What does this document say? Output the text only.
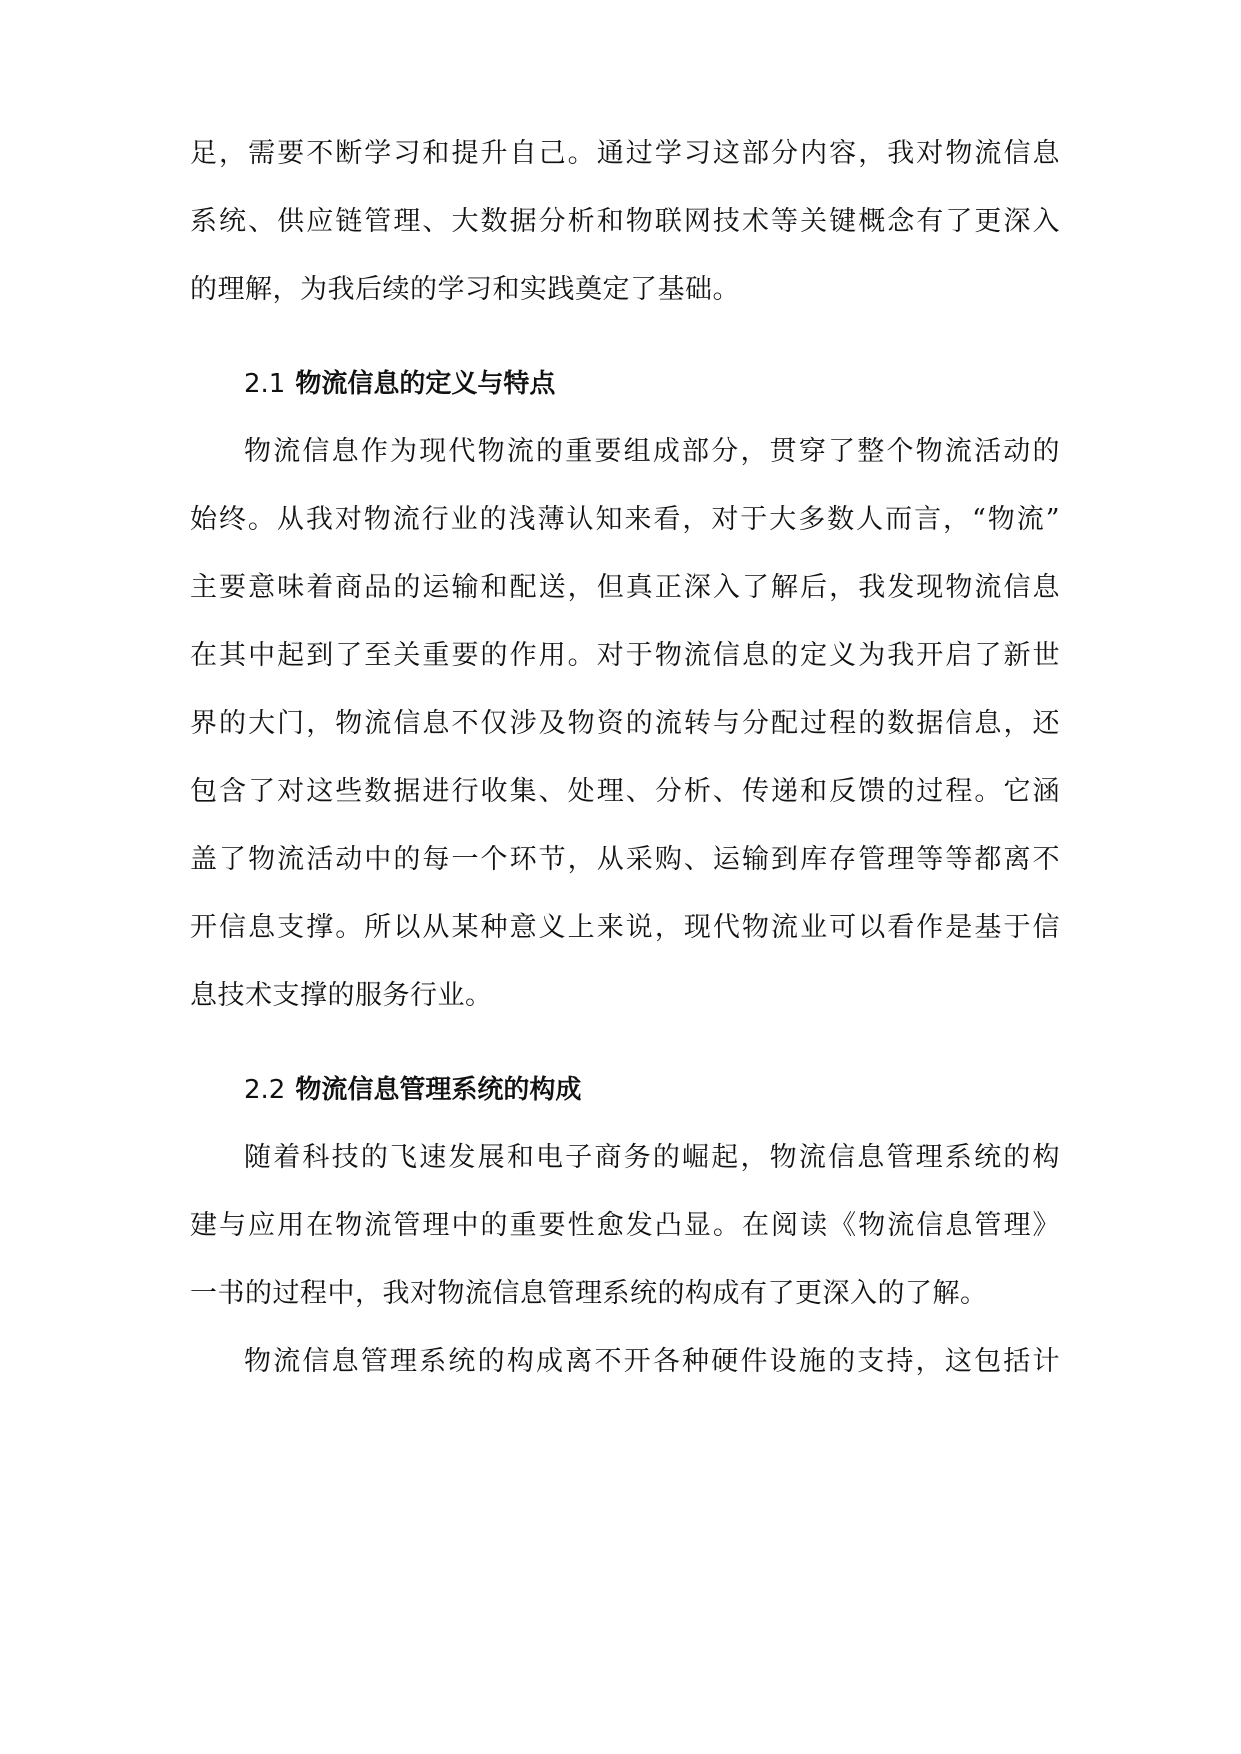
足，需要不断学习和提升自己。通过学习这部分内容，我对物流信息
系统、供应链管理、大数据分析和物联网技术等关键概念有了更深入
的理解，为我后续的学习和实践奠定了基础。
2.1 物流信息的定义与特点
物流信息作为现代物流的重要组成部分，贯穿了整个物流活动的
始终。从我对物流行业的浅薄认知来看，对于大多数人而言，“物流”
主要意味着商品的运输和配送，但真正深入了解后，我发现物流信息
在其中起到了至关重要的作用。对于物流信息的定义为我开启了新世
界的大门，物流信息不仅涉及物资的流转与分配过程的数据信息，还
包含了对这些数据进行收集、处理、分析、传递和反馈的过程。它涵
盖了物流活动中的每一个环节，从采购、运输到库存管理等等都离不
开信息支撑。所以从某种意义上来说，现代物流业可以看作是基于信
息技术支撑的服务行业。
2.2 物流信息管理系统的构成
随着科技的飞速发展和电子商务的崛起，物流信息管理系统的构
建与应用在物流管理中的重要性愈发凸显。在阅读《物流信息管理》
一书的过程中，我对物流信息管理系统的构成有了更深入的了解。
物流信息管理系统的构成离不开各种硬件设施的支持，这包括计
